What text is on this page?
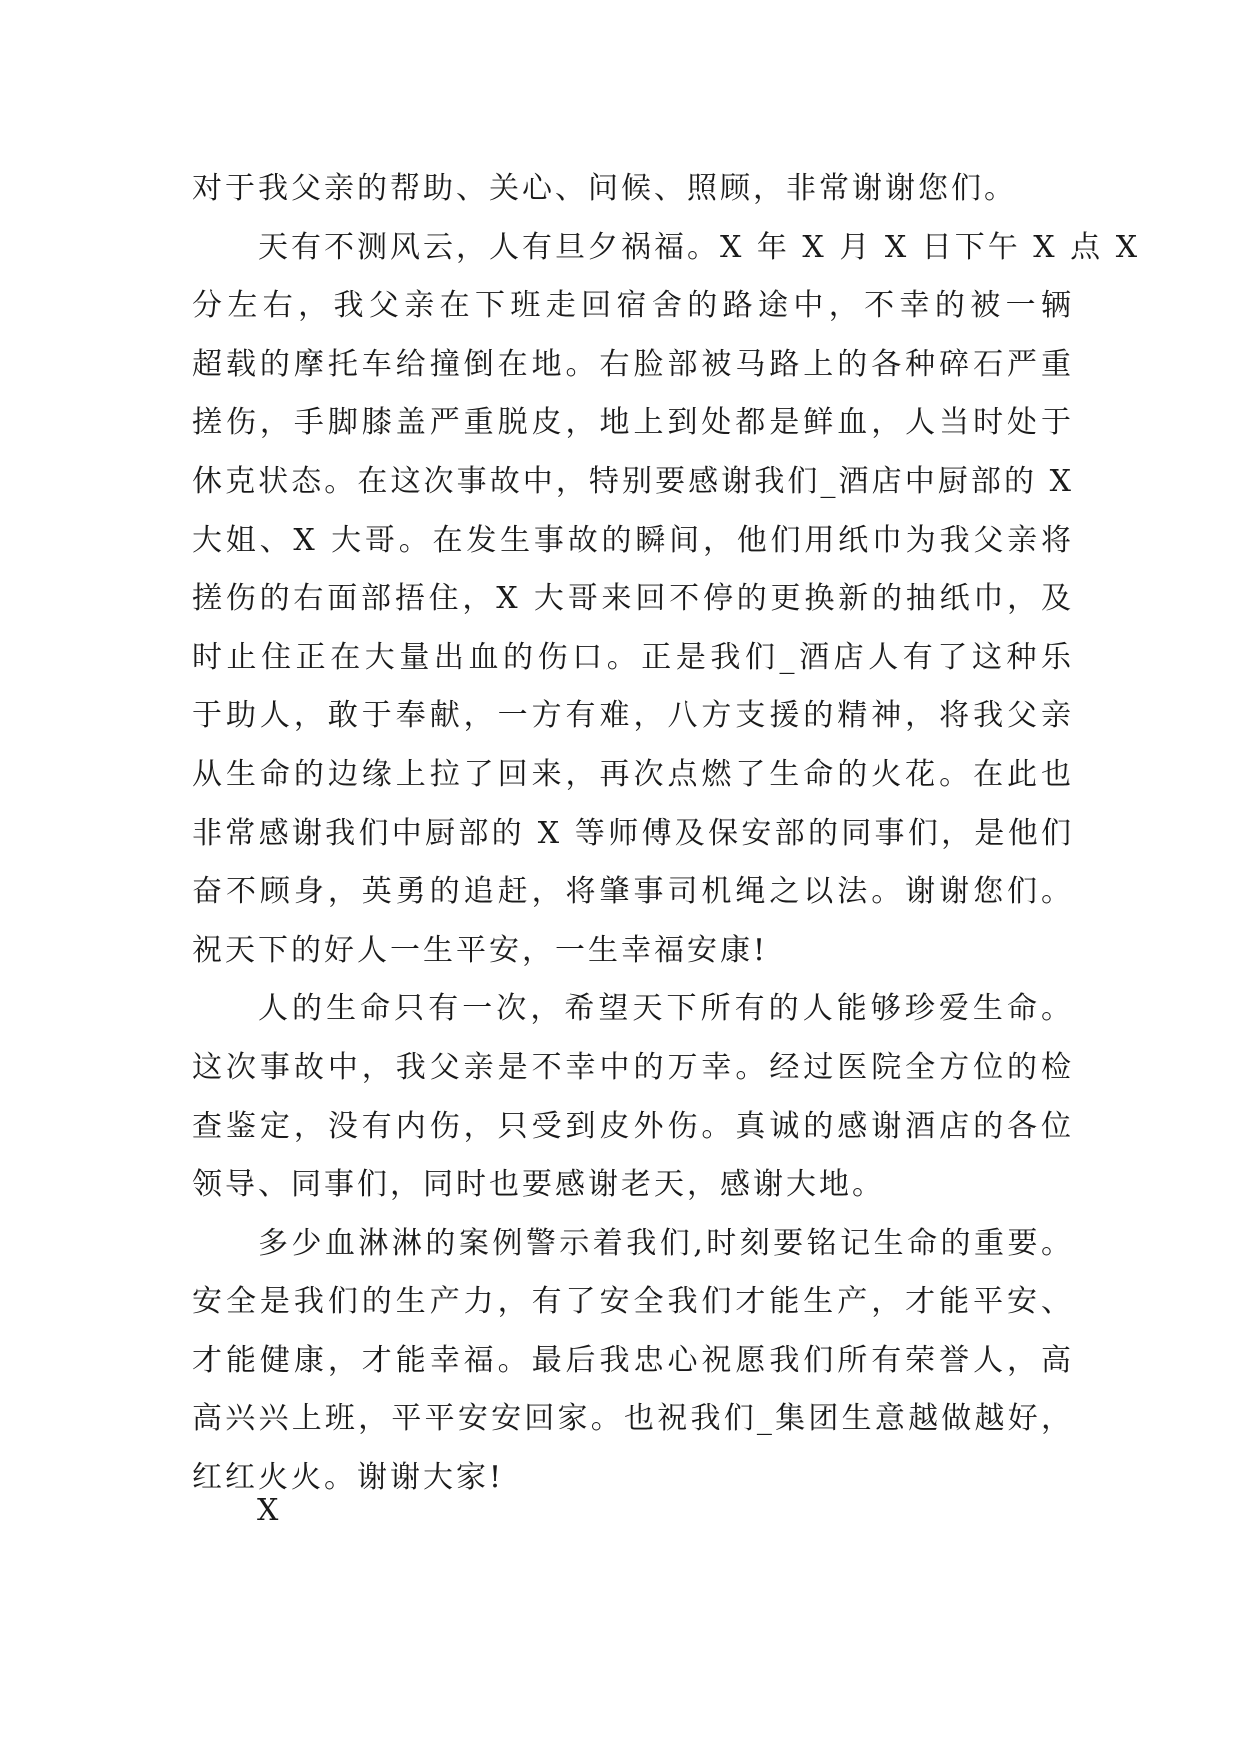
对于我父亲的帮助、关心、问候、照顾，非常谢谢您们。
天有不测风云，人有旦夕祸福。X 年 X 月 X 日下午 X 点 X
分左右，我父亲在下班走回宿舍的路途中，不幸的被一辆
超载的摩托车给撞倒在地。右脸部被马路上的各种碎石严重
搓伤，手脚膝盖严重脱皮，地上到处都是鲜血，人当时处于
休克状态。在这次事故中，特别要感谢我们_酒店中厨部的 X
大姐、X 大哥。在发生事故的瞬间，他们用纸巾为我父亲将
搓伤的右面部捂住，X 大哥来回不停的更换新的抽纸巾，及
时止住正在大量出血的伤口。正是我们_酒店人有了这种乐
于助人，敢于奉献，一方有难，八方支援的精神，将我父亲
从生命的边缘上拉了回来，再次点燃了生命的火花。在此也
非常感谢我们中厨部的 X 等师傅及保安部的同事们，是他们
奋不顾身，英勇的追赶，将肇事司机绳之以法。谢谢您们。
祝天下的好人一生平安，一生幸福安康!
人的生命只有一次，希望天下所有的人能够珍爱生命。
这次事故中，我父亲是不幸中的万幸。经过医院全方位的检
查鉴定，没有内伤，只受到皮外伤。真诚的感谢酒店的各位
领导、同事们，同时也要感谢老天，感谢大地。
多少血淋淋的案例警示着我们,时刻要铭记生命的重要。
安全是我们的生产力，有了安全我们才能生产，才能平安、
才能健康，才能幸福。最后我忠心祝愿我们所有荣誉人，高
高兴兴上班，平平安安回家。也祝我们_集团生意越做越好，
红红火火。谢谢大家!
X
